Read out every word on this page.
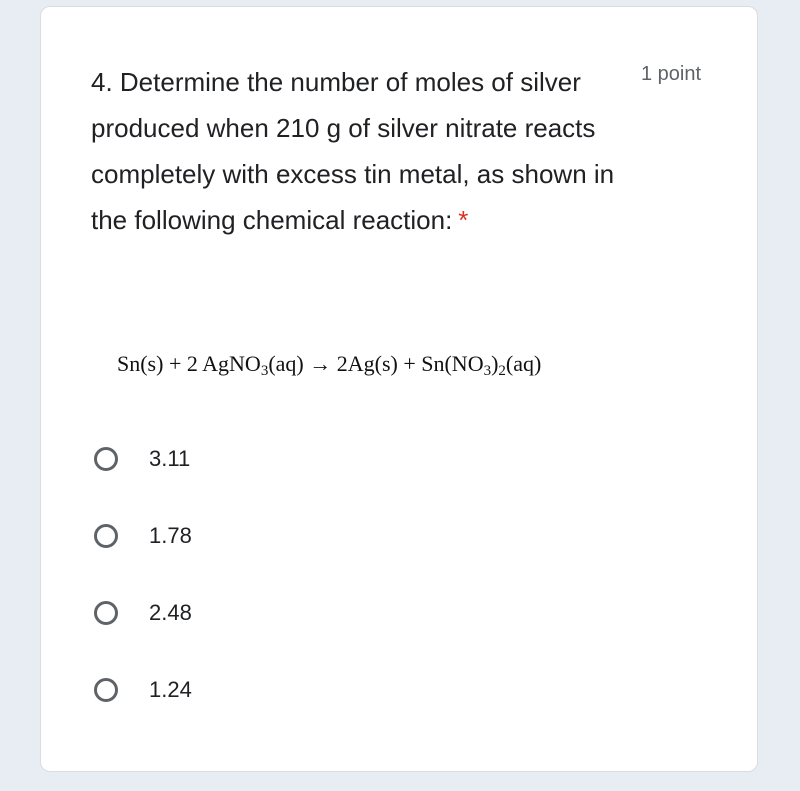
4. Determine the number of moles of silver produced when 210 g of silver nitrate reacts completely with excess tin metal, as shown in the following chemical reaction: *
1 point
Sn(s) + 2 AgNO$_3$(aq) → $2Ag(s) + Sn(NO_3)_2(aq)$
3.11
1.78
2.48
1.24
